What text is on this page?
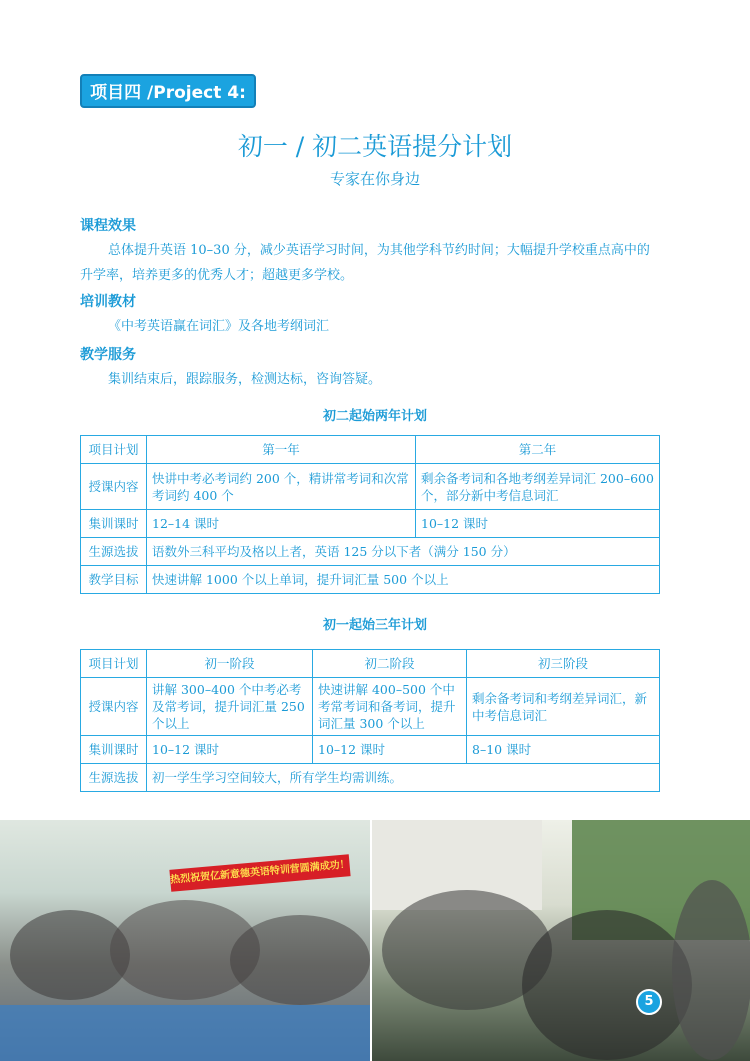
项目四 /Project 4:
初一 / 初二英语提分计划
专家在你身边
课程效果
总体提升英语 10–30 分，减少英语学习时间，为其他学科节约时间；大幅提升学校重点高中的升学率，培养更多的优秀人才；超越更多学校。
培训教材
《中考英语赢在词汇》及各地考纲词汇
教学服务
集训结束后，跟踪服务，检测达标，咨询答疑。
初二起始两年计划
项目计划	第一年	第二年
授课内容	快讲中考必考词约 200 个，精讲常考词和次常考词约 400 个	剩余备考词和各地考纲差异词汇 200–600 个，部分新中考信息词汇
集训课时	12–14 课时	10–12 课时
生源选拔	语数外三科平均及格以上者，英语 125 分以下者（满分 150 分）	
教学目标	快速讲解 1000 个以上单词，提升词汇量 500 个以上	
初一起始三年计划
项目计划	初一阶段	初二阶段	初三阶段
授课内容	讲解 300–400 个中考必考及常考词，提升词汇量 250 个以上	快速讲解 400–500 个中考常考词和备考词，提升词汇量 300 个以上	剩余备考词和考纲差异词汇，新中考信息词汇
集训课时	10–12 课时	10–12 课时	8–10 课时
生源选拔	初一学生学习空间较大，所有学生均需训练。		
热烈祝贺亿新意德英语特训营圆满成功！
5
